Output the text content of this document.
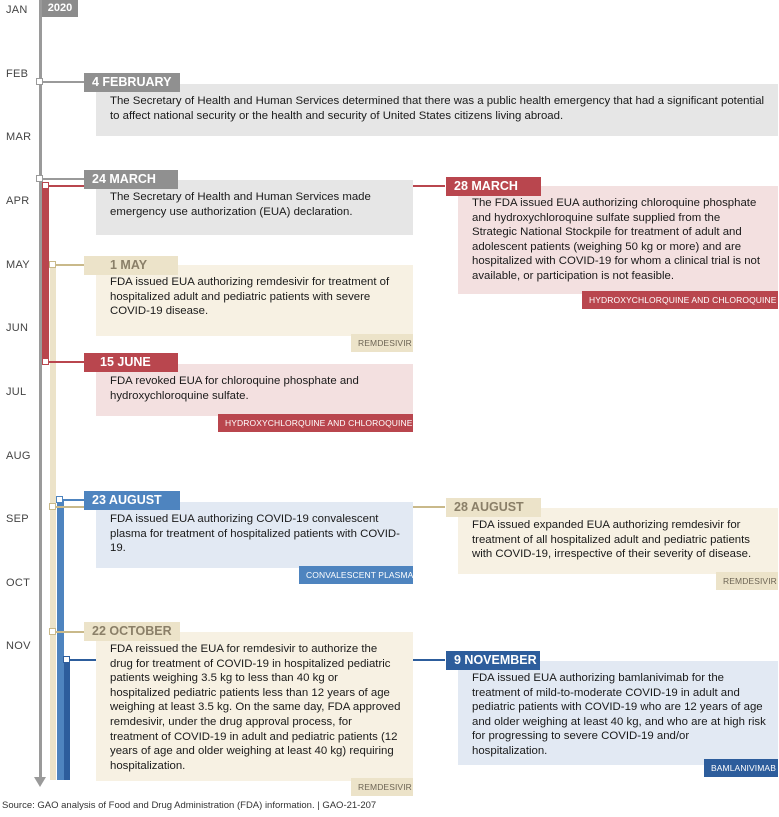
2020
JAN
FEB
MAR
APR
MAY
JUN
JUL
AUG
SEP
OCT
NOV
The Secretary of Health and Human Services determined that there was a public health emergency that had a significant potential to affect national security or the health and security of United States citizens living abroad.
4 FEBRUARY
The Secretary of Health and Human Services made emergency use authorization (EUA) declaration.
24 MARCH
The FDA issued EUA authorizing chloroquine phosphate and hydroxychloroquine sulfate supplied from the Strategic National Stockpile for treatment of adult and adolescent patients (weighing 50 kg or more) and are hospitalized with COVID-19 for whom a clinical trial is not available, or participation is not feasible.
28 MARCH
HYDROXYCHLORQUINE AND CHLOROQUINE
FDA issued EUA authorizing remdesivir for treatment of hospitalized adult and pediatric patients with severe COVID-19 disease.
1 MAY
REMDESIVIR
FDA revoked EUA for chloroquine phosphate and hydroxychloroquine sulfate.
15 JUNE
HYDROXYCHLORQUINE AND CHLOROQUINE
FDA issued EUA authorizing COVID-19 convalescent plasma for treatment of hospitalized patients with COVID-19.
23 AUGUST
CONVALESCENT PLASMA
FDA issued expanded EUA authorizing remdesivir for treatment of all hospitalized adult and pediatric patients with COVID-19, irrespective of their severity of disease.
28 AUGUST
REMDESIVIR
FDA reissued the EUA for remdesivir to authorize the drug for treatment of COVID-19 in hospitalized pediatric patients weighing 3.5 kg to less than 40 kg or hospitalized pediatric patients less than 12 years of age weighing at least 3.5 kg. On the same day, FDA approved remdesivir, under the drug approval process, for treatment of COVID-19 in adult and pediatric patients (12 years of age and older weighing at least 40 kg) requiring hospitalization.
22 OCTOBER
REMDESIVIR
FDA issued EUA authorizing bamlanivimab for the treatment of mild-to-moderate COVID-19 in adult and pediatric patients with COVID-19 who are 12 years of age and older weighing at least 40 kg, and who are at high risk for progressing to severe COVID-19 and/or hospitalization.
9 NOVEMBER
BAMLANIVIMAB
Source: GAO analysis of Food and Drug Administration (FDA) information. | GAO-21-207
